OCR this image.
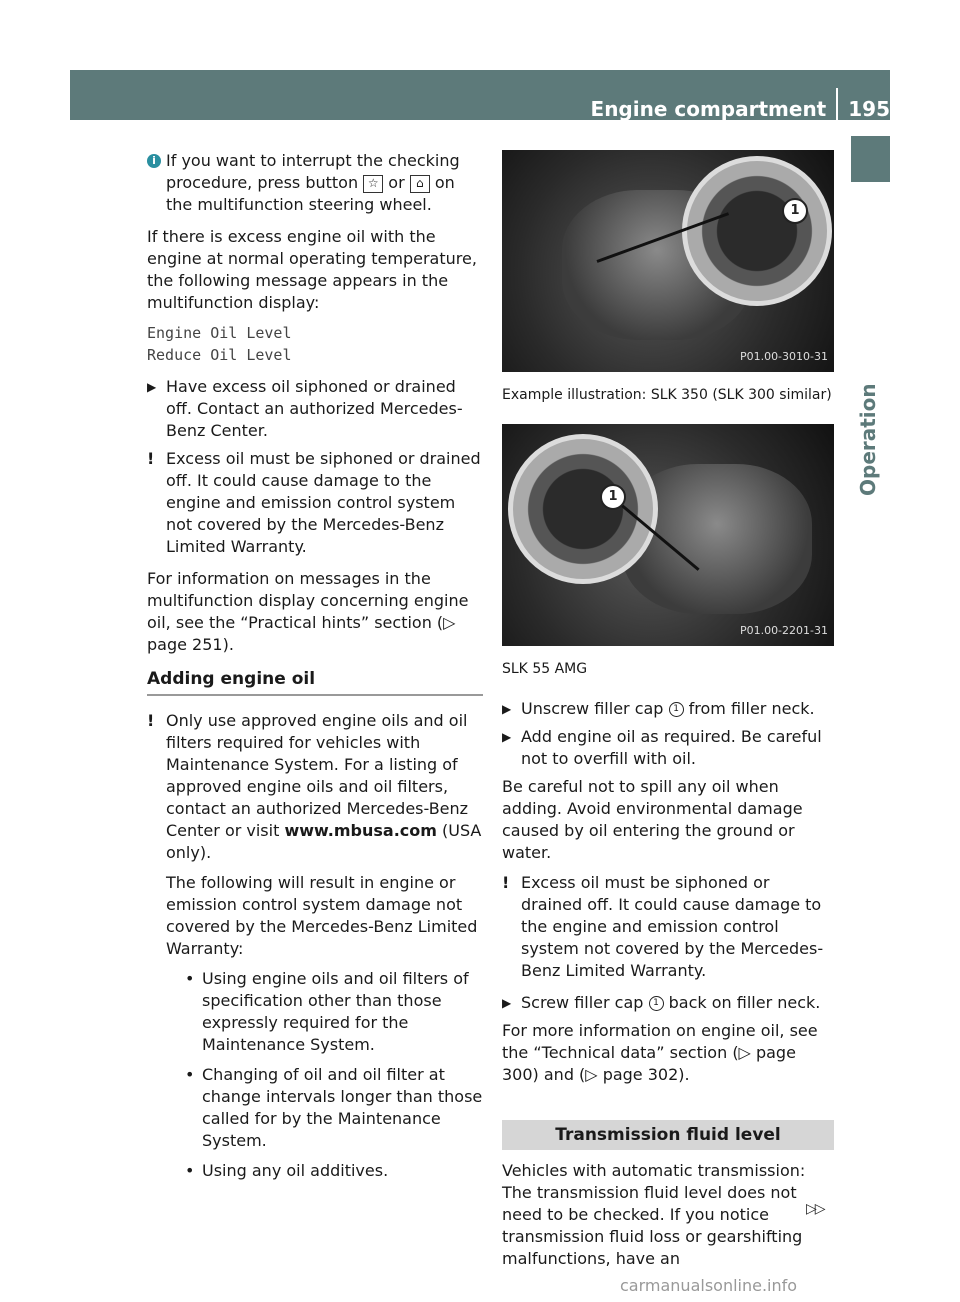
Engine compartment	195
Operation
i If you want to interrupt the checking procedure, press button ☆ or ⌂ on the multifunction steering wheel.

If there is excess engine oil with the engine at normal operating temperature, the following message appears in the multifunction display:

Engine Oil Level

Reduce Oil Level

▶ Have excess oil siphoned or drained off. Contact an authorized Mercedes-Benz Center.
! Excess oil must be siphoned or drained off. It could cause damage to the engine and emission control system not covered by the Mercedes-Benz Limited Warranty.

For information on messages in the multifunction display concerning engine oil, see the “Practical hints” section (▷ page 251).

Adding engine oil
! Only use approved engine oils and oil filters required for vehicles with Maintenance System. For a listing of approved engine oils and oil filters, contact an authorized Mercedes-Benz Center or visit www.mbusa.com (USA only).

The following will result in engine or emission control system damage not covered by the Mercedes-Benz Limited Warranty:

• Using engine oils and oil filters of specification other than those expressly required for the Maintenance System.
• Changing of oil and oil filter at change intervals longer than those called for by the Maintenance System.
• Using any oil additives.
1
P01.00-3010-31

Example illustration: SLK 350 (SLK 300 similar)

1
P01.00-2201-31

SLK 55 AMG

▶ Unscrew filler cap 1 from filler neck.
▶ Add engine oil as required. Be careful not to overfill with oil.

Be careful not to spill any oil when adding. Avoid environmental damage caused by oil entering the ground or water.

! Excess oil must be siphoned or drained off. It could cause damage to the engine and emission control system not covered by the Mercedes-Benz Limited Warranty.
▶ Screw filler cap 1 back on filler neck.

For more information on engine oil, see the “Technical data” section (▷ page 300) and (▷ page 302).

Transmission fluid level

Vehicles with automatic transmission: The transmission fluid level does not need to be checked. If you notice transmission fluid loss or gearshifting malfunctions, have an

▷▷
carmanualsonline.info
